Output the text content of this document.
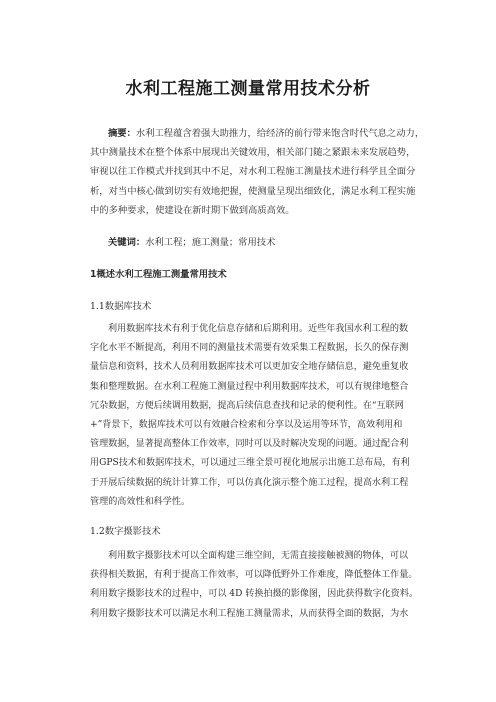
水利工程施工测量常用技术分析

摘要：水利工程蕴含着强大助推力，给经济的前行带来饱含时代气息之动力，

其中测量技术在整个体系中展现出关键效用，相关部门随之紧跟未来发展趋势，

审视以往工作模式并找到其中不足，对水利工程施工测量技术进行科学且全面分

析，对当中核心做到切实有效地把握，使测量呈现出细致化，满足水利工程实施

中的多种要求，使建设在新时期下做到高质高效。

关键词：水利工程；施工测量；常用技术
1概述水利工程施工测量常用技术
1.1数据库技术

利用数据库技术有利于优化信息存储和后期利用。近些年我国水利工程的数

字化水平不断提高，利用不同的测量技术需要有效采集工程数据，长久的保存测

量信息和资料，技术人员利用数据库技术可以更加安全地存储信息，避免重复收

集和整理数据。在水利工程施工测量过程中利用数据库技术，可以有规律地整合

冗杂数据，方便后续调用数据，提高后续信息查找和记录的便利性。在“互联网

+”背景下，数据库技术可以有效融合检索和分享以及运用等环节，高效利用和

管理数据，显著提高整体工作效率，同时可以及时解决发现的问题。通过配合利

用GPS技术和数据库技术，可以通过三维全景可视化地展示出施工总布局，有利

于开展后续数据的统计计算工作，可以仿真化演示整个施工过程，提高水利工程

管理的高效性和科学性。

1.2数字摄影技术

利用数字摄影技术可以全面构建三维空间，无需直接接触被测的物体，可以

获得相关数据，有利于提高工作效率，可以降低野外工作难度，降低整体工作量。

利用数字摄影技术的过程中，可以 4D 转换拍摄的影像图，因此获得数字化资料。

利用数字摄影技术可以满足水利工程施工测量需求，从而获得全面的数据，为水
